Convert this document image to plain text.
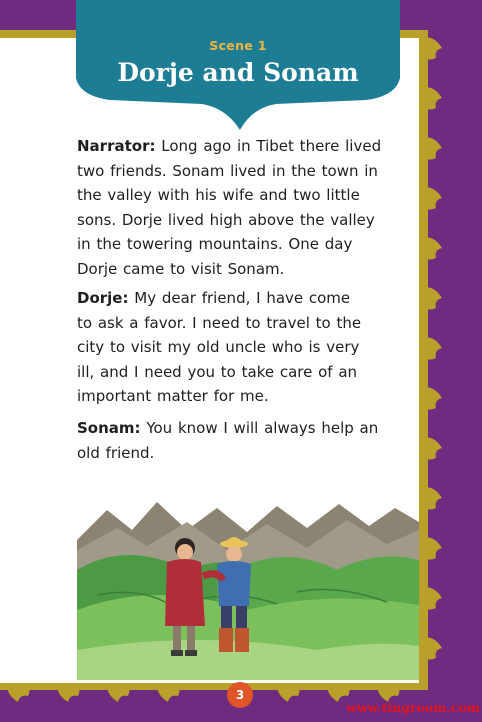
Scene 1
Dorje and Sonam
Narrator: Long ago in Tibet there lived
two friends. Sonam lived in the town in
the valley with his wife and two little
sons. Dorje lived high above the valley
in the towering mountains. One day
Dorje came to visit Sonam.
Dorje: My dear friend, I have come
to ask a favor. I need to travel to the
city to visit my old uncle who is very
ill, and I need you to take care of an
important matter for me.
Sonam: You know I will always help an
old friend.
3
www.tingroom.com
